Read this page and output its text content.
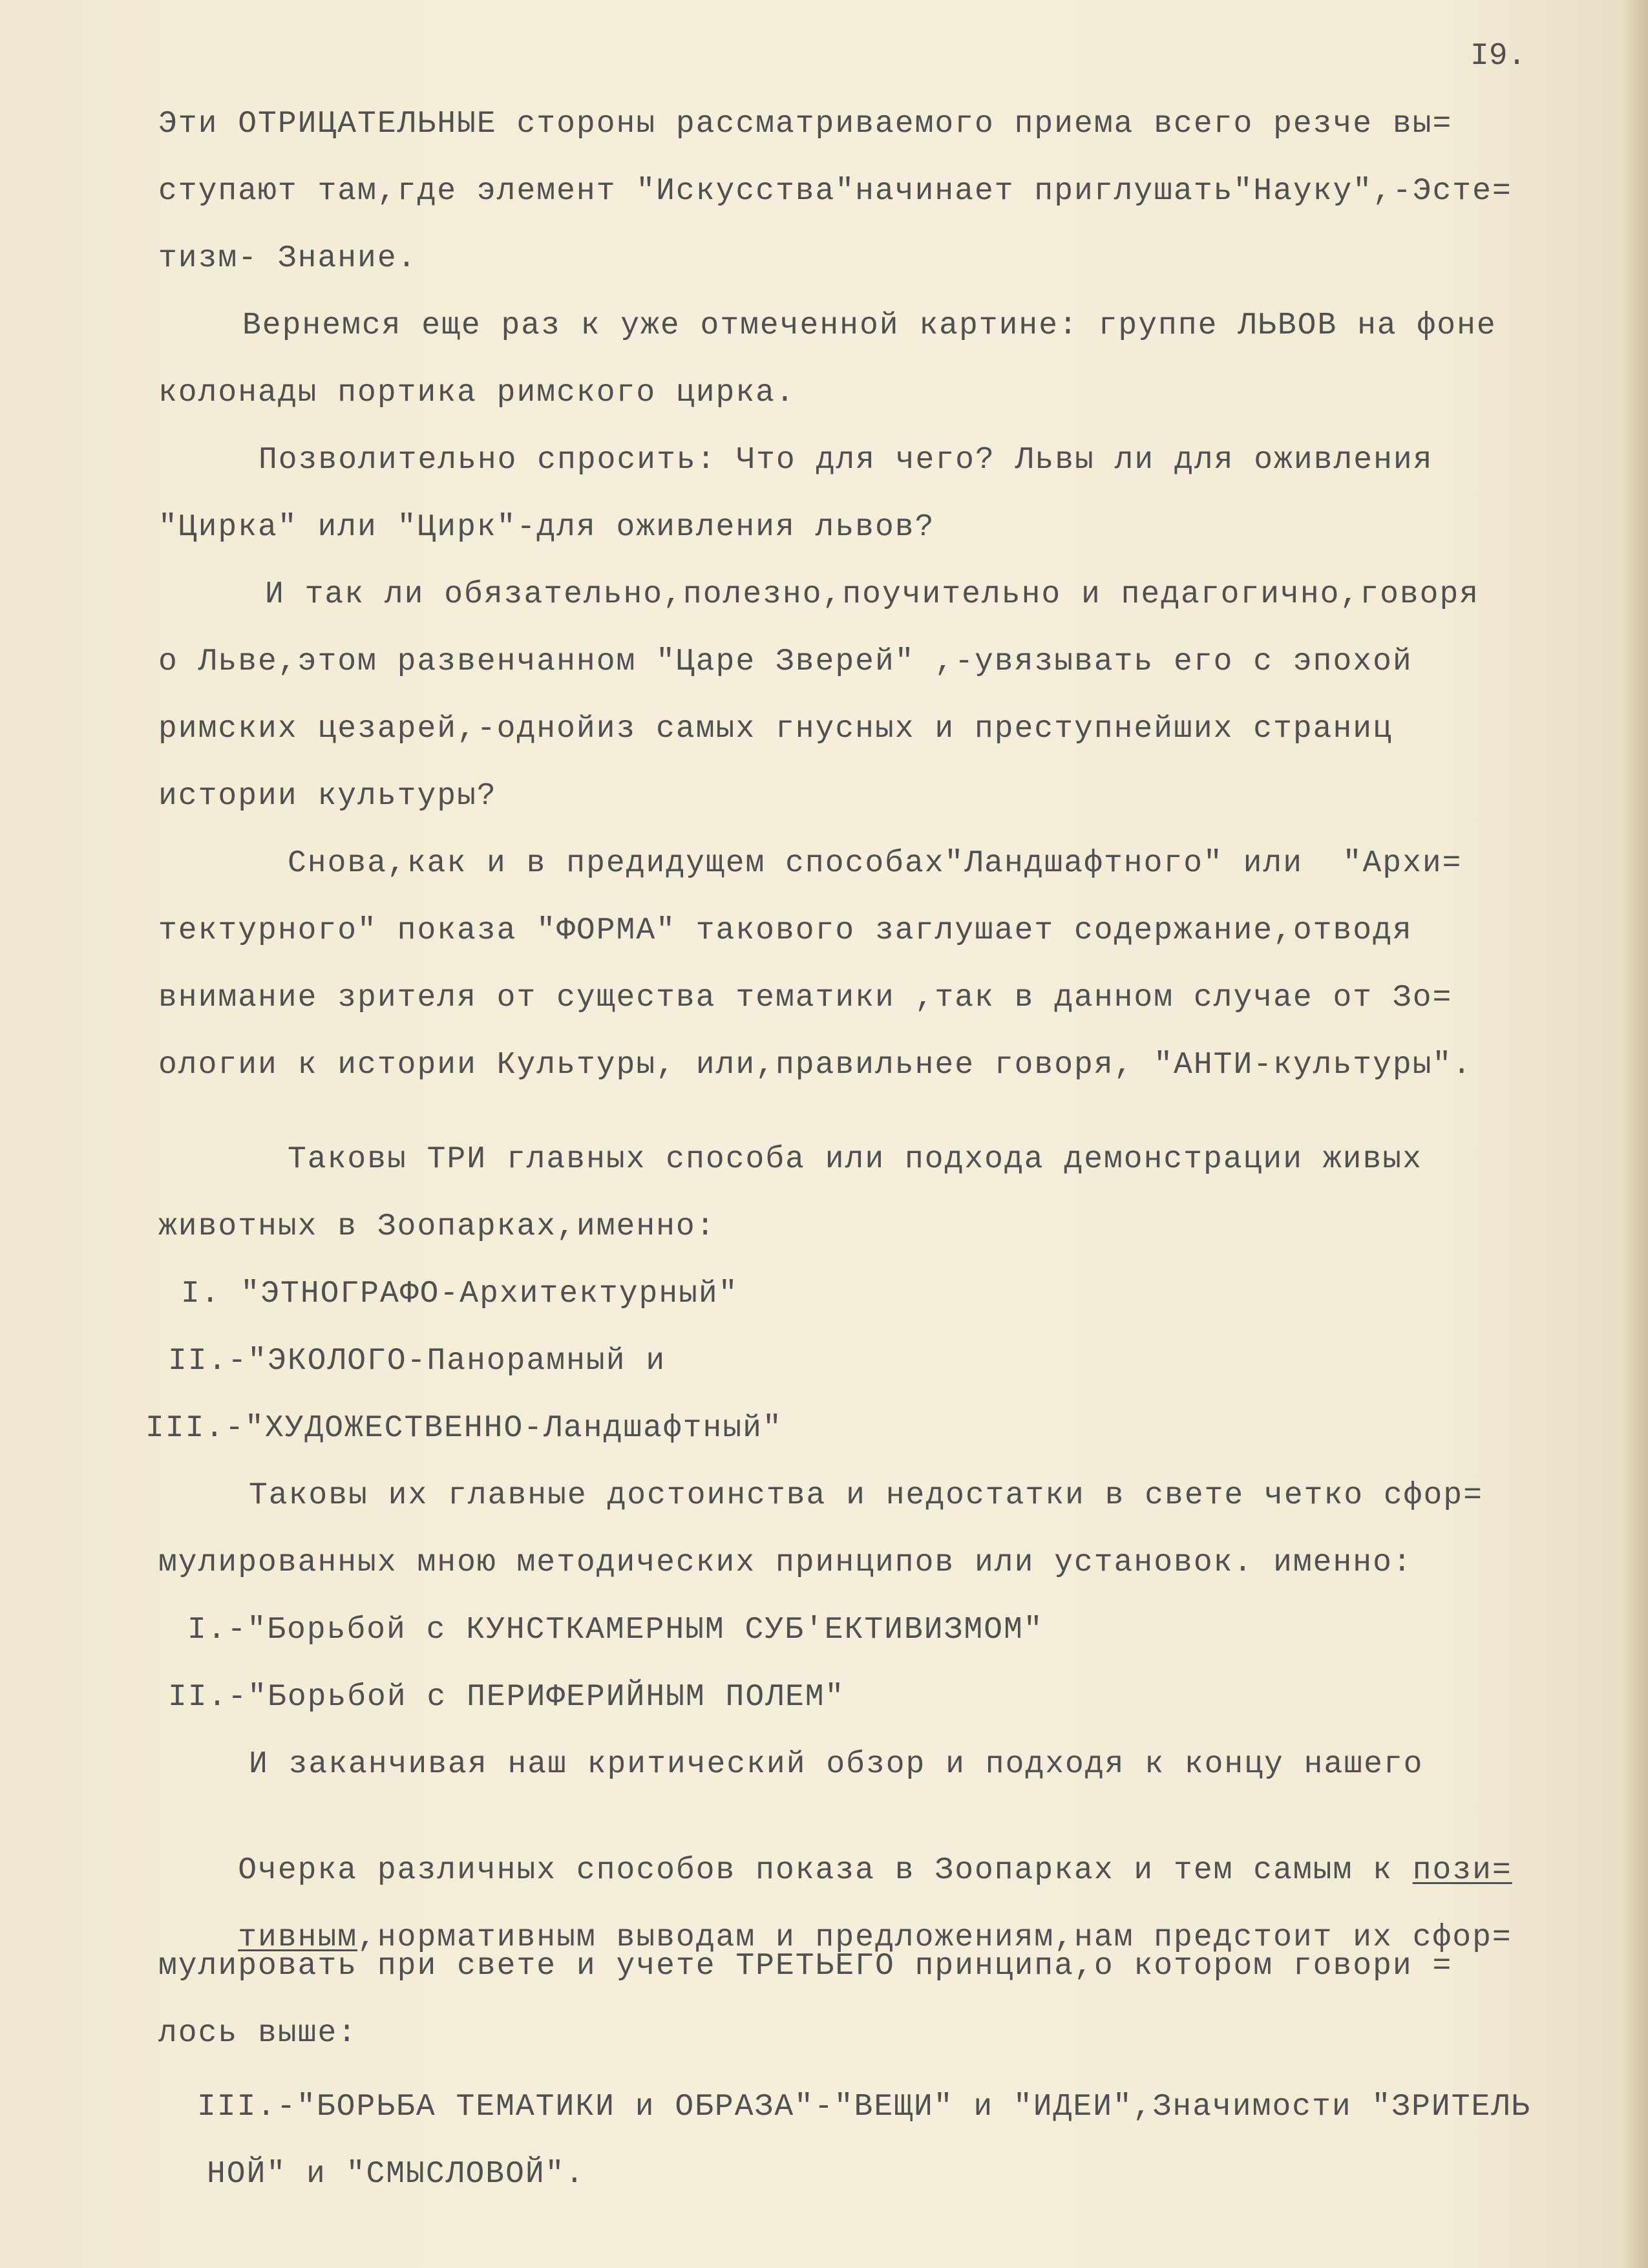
I9.
Эти ОТРИЦАТЕЛЬНЫЕ стороны рассматриваемого приема всего резче вы=
ступают там,где элемент "Искусства"начинает приглушать"Науку",-Эсте=
тизм- Знание.
Вернемся еще раз к уже отмеченной картине: группе ЛЬВОВ на фоне
колонады портика римского цирка.
Позволительно спросить: Что для чего? Львы ли для оживления
"Цирка" или "Цирк"-для оживления львов?
И так ли обязательно,полезно,поучительно и педагогично,говоря
о Льве,этом развенчанном "Царе Зверей" ,-увязывать его с эпохой
римских цезарей,-однойиз самых гнусных и преступнейших страниц
истории культуры?
Снова,как и в предидущем способах"Ландшафтного" или  "Архи=
тектурного" показа "ФОРМА" такового заглушает содержание,отводя
внимание зрителя от существа тематики ,так в данном случае от Зо=
ологии к истории Культуры, или,правильнее говоря, "АНТИ-культуры".
Таковы ТРИ главных способа или подхода демонстрации живых
животных в Зоопарках,именно:
I. "ЭТНОГРАФО-Архитектурный"
II.-"ЭКОЛОГО-Панорамный и
III.-"ХУДОЖЕСТВЕННО-Ландшафтный"
Таковы их главные достоинства и недостатки в свете четко сфор=
мулированных мною методических принципов или установок. именно:
I.-"Борьбой с КУНСТКАМЕРНЫМ СУБ'ЕКТИВИЗМОМ"
II.-"Борьбой с ПЕРИФЕРИЙНЫМ ПОЛЕМ"
И заканчивая наш критический обзор и подходя к концу нашего

Очерка различных способов показа в Зоопарках и тем самым к пози=

тивным,нормативным выводам и предложениям,нам предстоит их сфор=

мулировать при свете и учете ТРЕТЬЕГО принципа,о котором говори =
лось выше:
III.-"БОРЬБА ТЕМАТИКИ и ОБРАЗА"-"ВЕЩИ" и "ИДЕИ",Значимости "ЗРИТЕЛЬ
НОЙ" и "СМЫСЛОВОЙ".
